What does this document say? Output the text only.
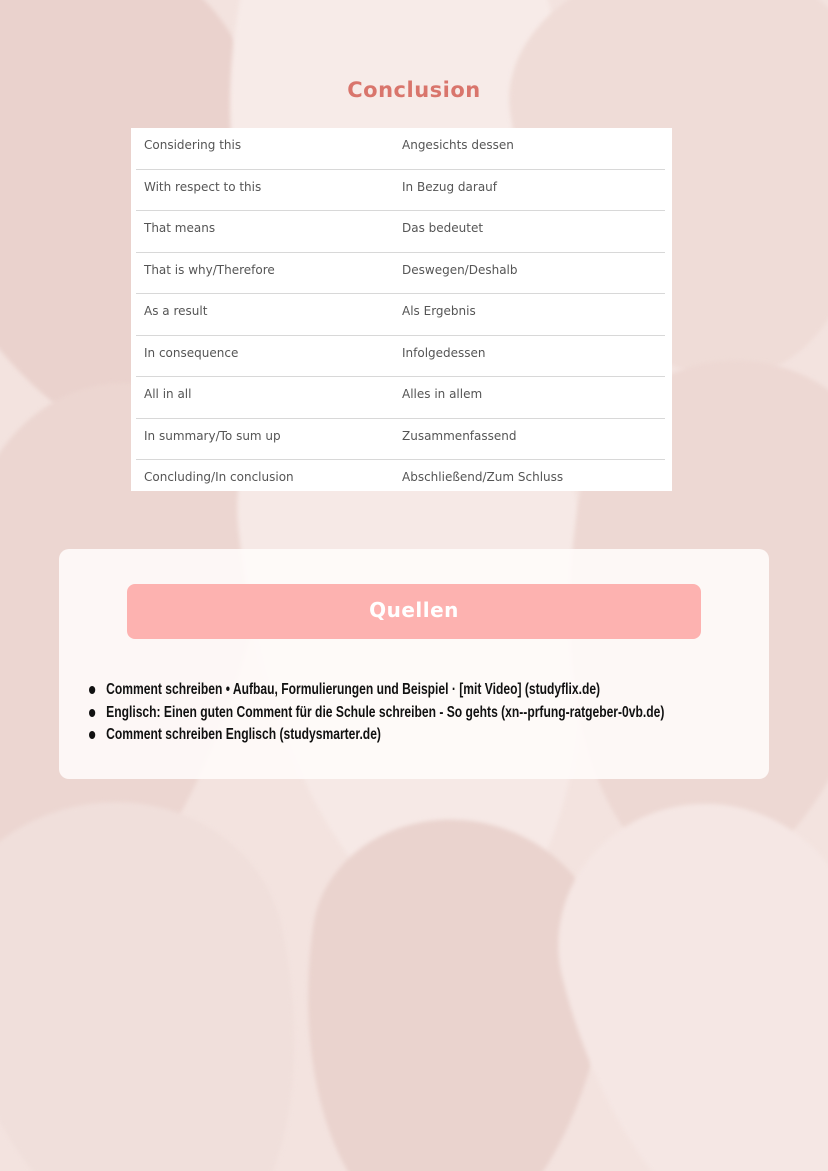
Conclusion
Considering this	Angesichts dessen
With respect to this	In Bezug darauf
That means	Das bedeutet
That is why/Therefore	Deswegen/Deshalb
As a result	Als Ergebnis
In consequence	Infolgedessen
All in all	Alles in allem
In summary/To sum up	Zusammenfassend
Concluding/In conclusion	Abschließend/Zum Schluss
Quellen
Comment schreiben • Aufbau, Formulierungen und Beispiel · [mit Video] (studyflix.de)
Englisch: Einen guten Comment für die Schule schreiben - So gehts (xn--prfung-ratgeber-0vb.de)
Comment schreiben Englisch (studysmarter.de)
